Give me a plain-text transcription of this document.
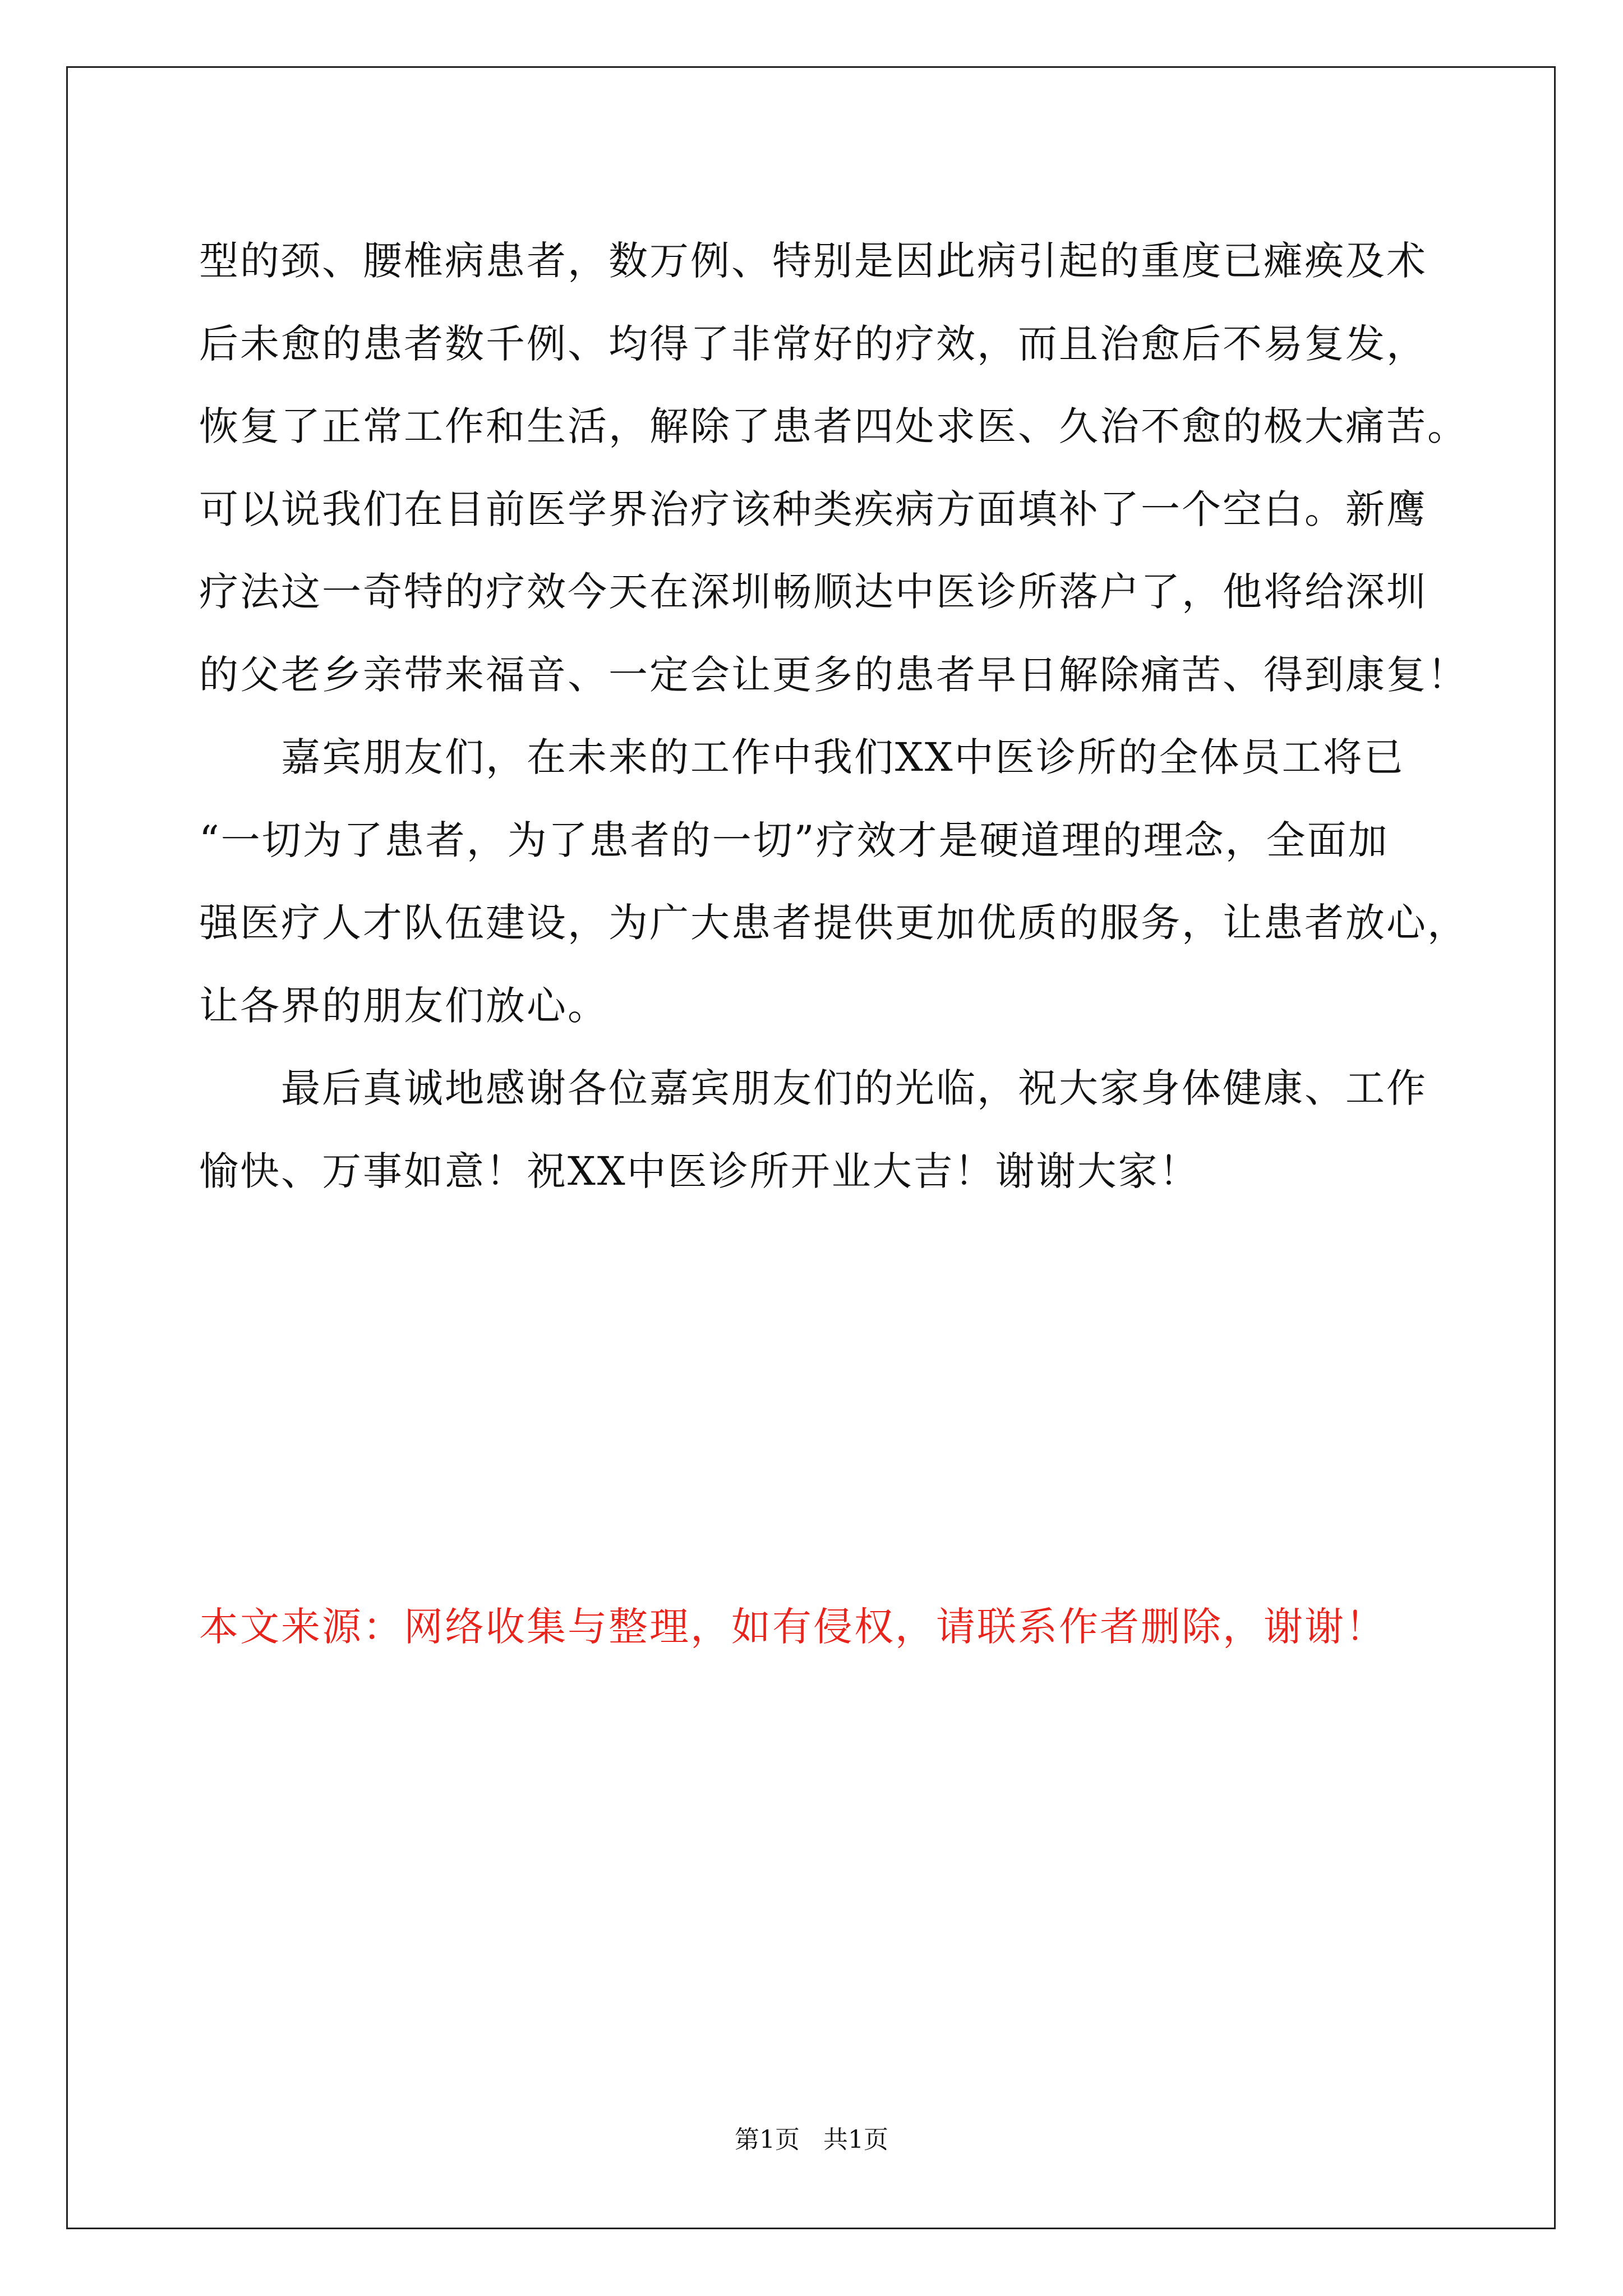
型的颈、腰椎病患者，数万例、特别是因此病引起的重度已瘫痪及术

后未愈的患者数千例、均得了非常好的疗效，而且治愈后不易复发，

恢复了正常工作和生活，解除了患者四处求医、久治不愈的极大痛苦。

可以说我们在目前医学界治疗该种类疾病方面填补了一个空白。新鹰

疗法这一奇特的疗效今天在深圳畅顺达中医诊所落户了，他将给深圳

的父老乡亲带来福音、一定会让更多的患者早日解除痛苦、得到康复！

嘉宾朋友们，在未来的工作中我们XX中医诊所的全体员工将已

“一切为了患者，为了患者的一切”疗效才是硬道理的理念，全面加

强医疗人才队伍建设，为广大患者提供更加优质的服务，让患者放心，

让各界的朋友们放心。

最后真诚地感谢各位嘉宾朋友们的光临，祝大家身体健康、工作

愉快、万事如意！祝XX中医诊所开业大吉！谢谢大家！

本文来源：网络收集与整理，如有侵权，请联系作者删除，谢谢！
第1页   共1页
